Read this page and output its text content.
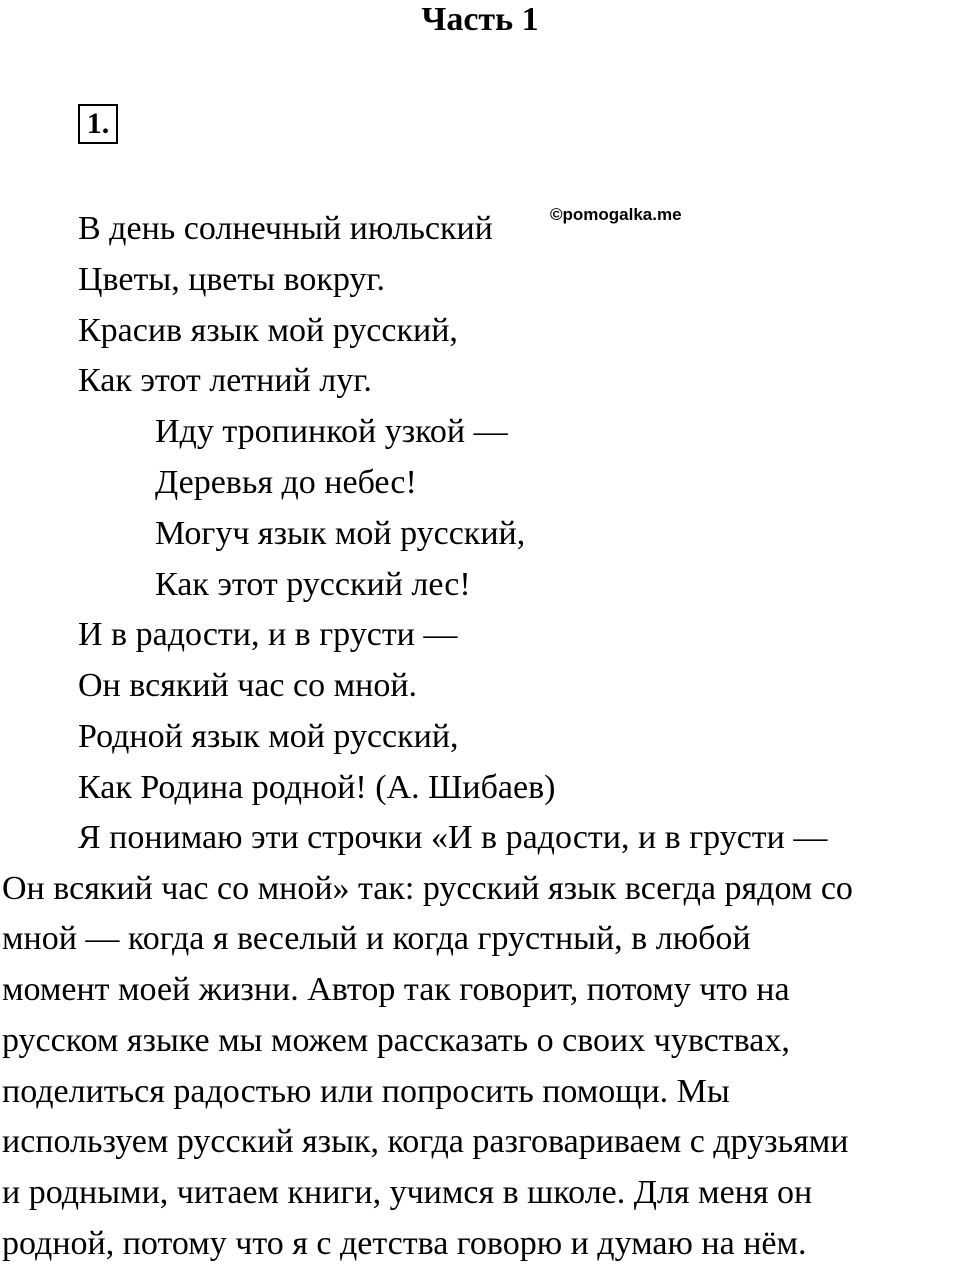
Часть 1
1.
©pomogalka.me
В день солнечный июльский
Цветы, цветы вокруг.
Красив язык мой русский,
Как этот летний луг.
Иду тропинкой узкой —
Деревья до небес!
Могуч язык мой русский,
Как этот русский лес!
И в радости, и в грусти —
Он всякий час со мной.
Родной язык мой русский,
Как Родина родной! (А. Шибаев)
Я понимаю эти строчки «И в радости, и в грусти —
Он всякий час со мной» так: русский язык всегда рядом со
мной — когда я веселый и когда грустный, в любой
момент моей жизни. Автор так говорит, потому что на
русском языке мы можем рассказать о своих чувствах,
поделиться радостью или попросить помощи. Мы
используем русский язык, когда разговариваем с друзьями
и родными, читаем книги, учимся в школе. Для меня он
родной, потому что я с детства говорю и думаю на нём.
